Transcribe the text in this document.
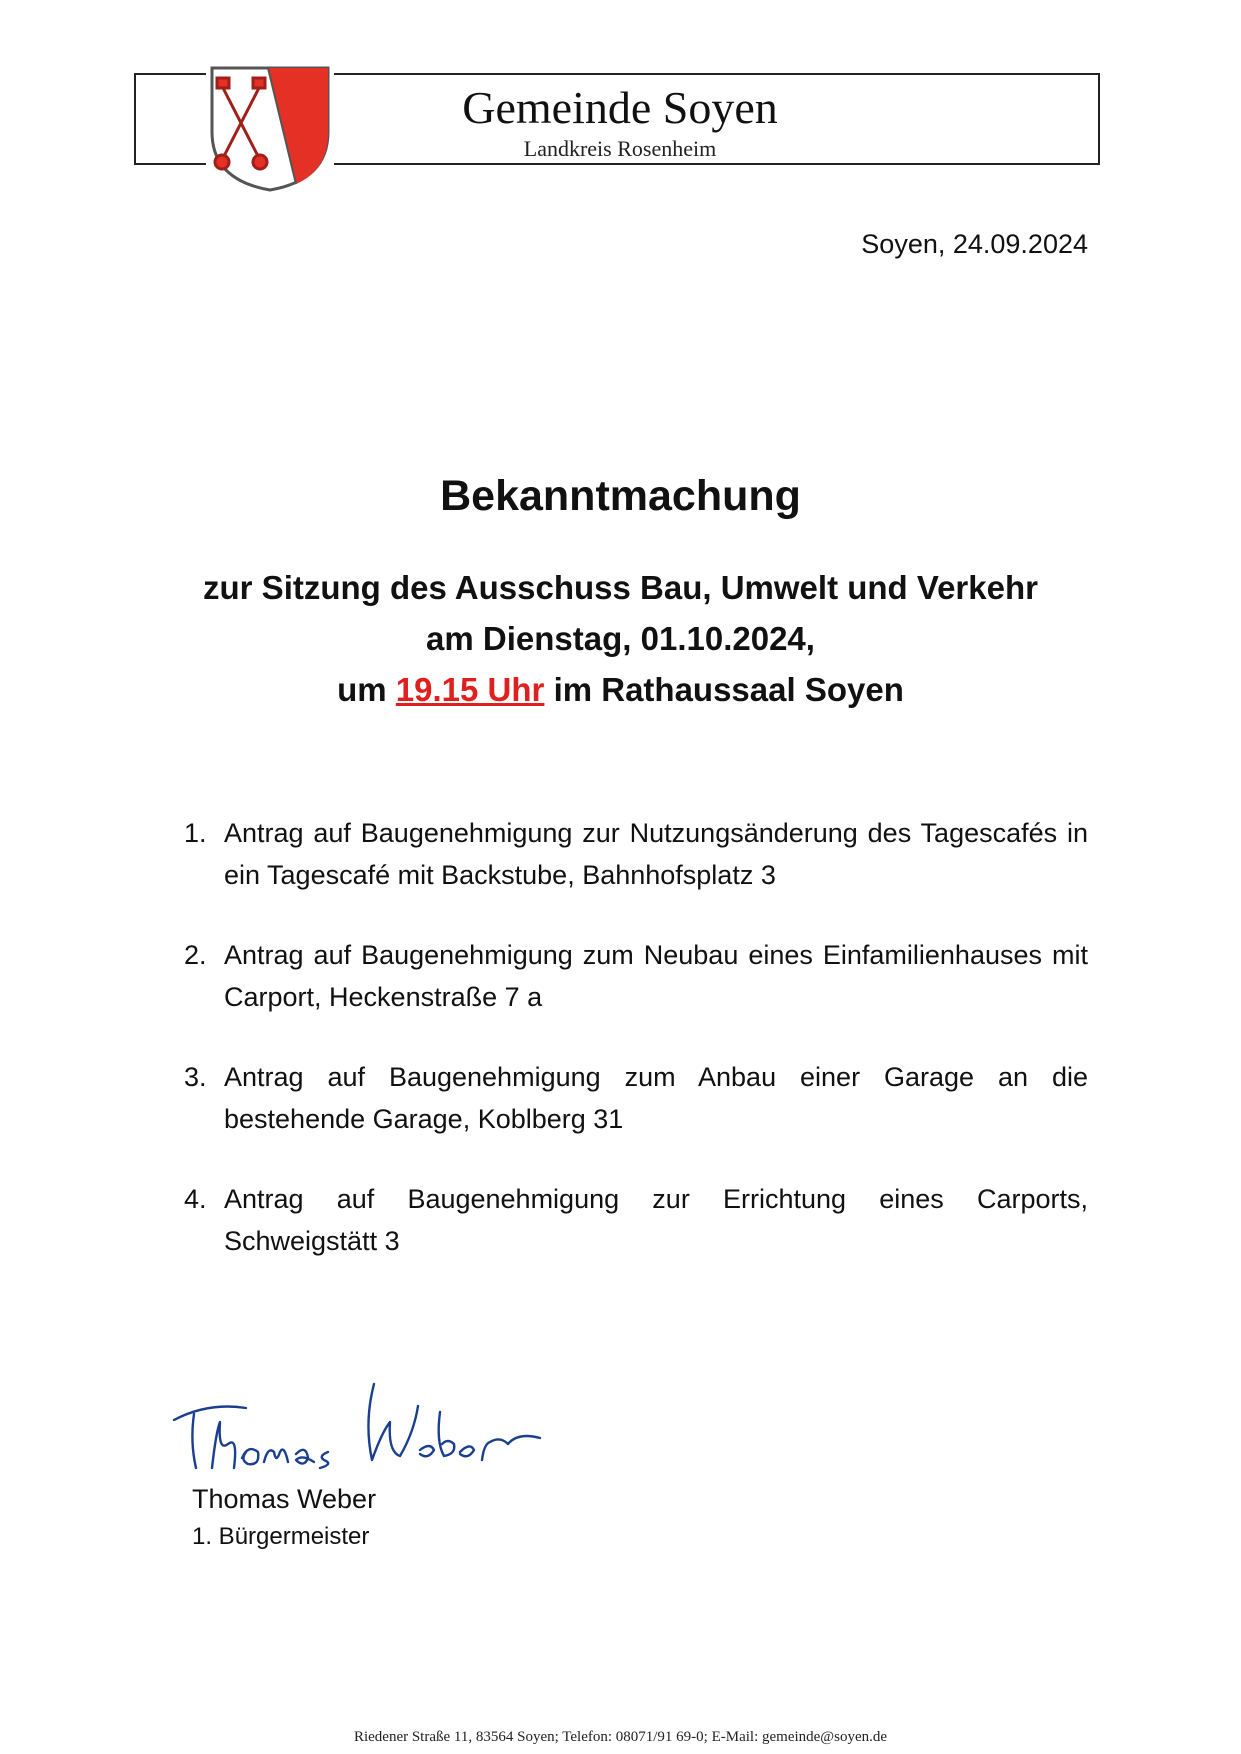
Gemeinde Soyen
Landkreis Rosenheim
Soyen, 24.09.2024
Bekanntmachung
zur Sitzung des Ausschuss Bau, Umwelt und Verkehr
am Dienstag, 01.10.2024,
um 19.15 Uhr im Rathaussaal Soyen
1. Antrag auf Baugenehmigung zur Nutzungsänderung des Tagescafés in ein Tagescafé mit Backstube, Bahnhofsplatz 3
2. Antrag auf Baugenehmigung zum Neubau eines Einfamilienhauses mit Carport, Heckenstraße 7 a
3. Antrag auf Baugenehmigung zum Anbau einer Garage an die bestehende Garage, Koblberg 31
4. Antrag auf Baugenehmigung zur Errichtung eines Carports, Schweigstätt 3
Thomas Weber
1. Bürgermeister
Riedener Straße 11, 83564 Soyen; Telefon: 08071/91 69-0; E-Mail: gemeinde@soyen.de
